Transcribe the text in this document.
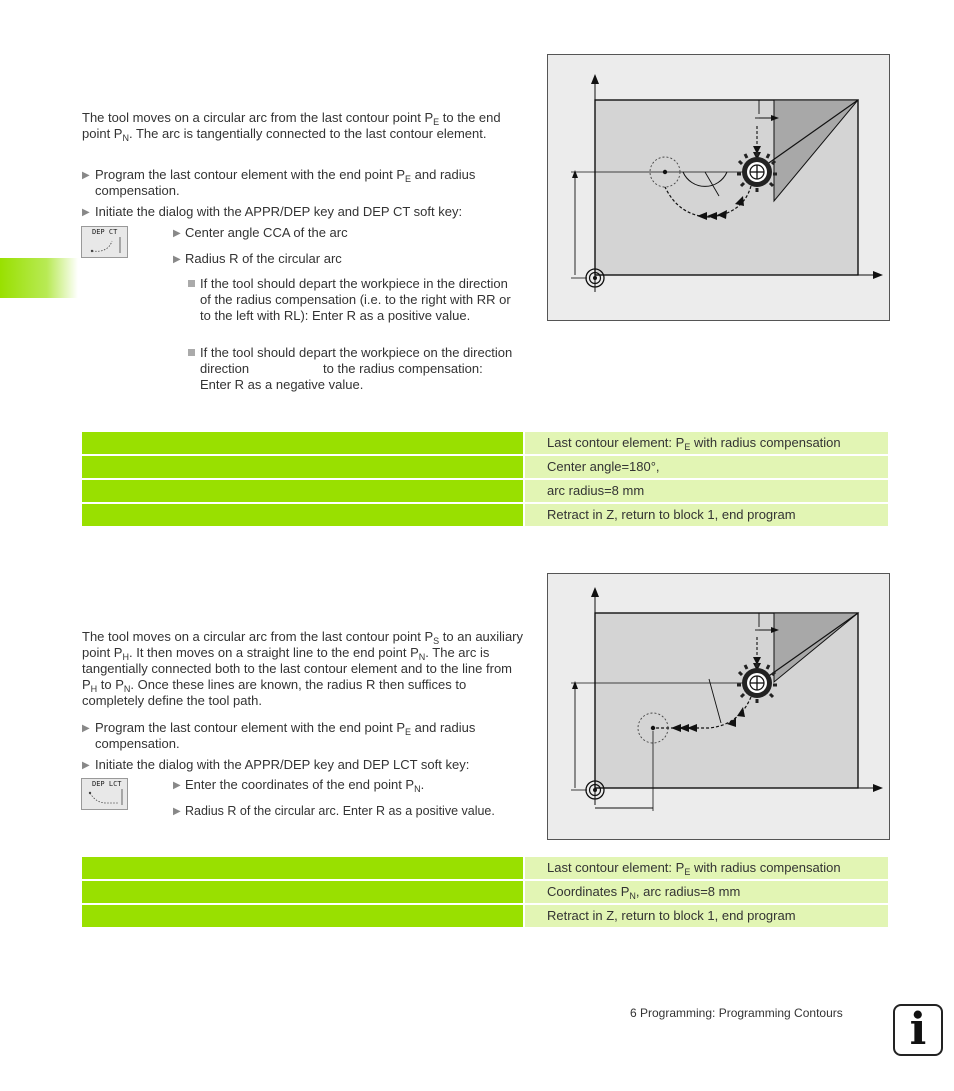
The tool moves on a circular arc from the last contour point $P_E$ to the end point $P_N$. The arc is tangentially connected to the last contour element.
▶ Program the last contour element with the end point $P_E$ and radius compensation.
▶ Initiate the dialog with the APPR/DEP key and DEP CT soft key:
DEP CT	▶ Center angle CCA of the arc
▶ Radius R of the circular arc
If the tool should depart the workpiece in the direction of the radius compensation (i.e. to the right with RR or to the left with RL): Enter R as a positive value.
If the tool should depart the workpiece on the direction
direction	to the radius compensation:
Enter R as a negative value.
Last contour element: $P_E$ with radius compensation
Center angle=180°,
arc radius=8 mm
Retract in Z, return to block 1, end program
The tool moves on a circular arc from the last contour point $P_S$ to an auxiliary point $P_H$. It then moves on a straight line to the end point $P_N$. The arc is tangentially connected both to the last contour element and to the line from $P_H$ to $P_N$. Once these lines are known, the radius R then suffices to completely define the tool path.
▶ Program the last contour element with the end point $P_E$ and radius compensation.
▶ Initiate the dialog with the APPR/DEP key and DEP LCT soft key:
DEP LCT	▶ Enter the coordinates of the end point $P_N$.
▶ Radius R of the circular arc. Enter R as a positive value.
Last contour element: $P_E$ with radius compensation
Coordinates $P_N$, arc radius=8 mm
Retract in Z, return to block 1, end program
6 Programming: Programming Contours	i
